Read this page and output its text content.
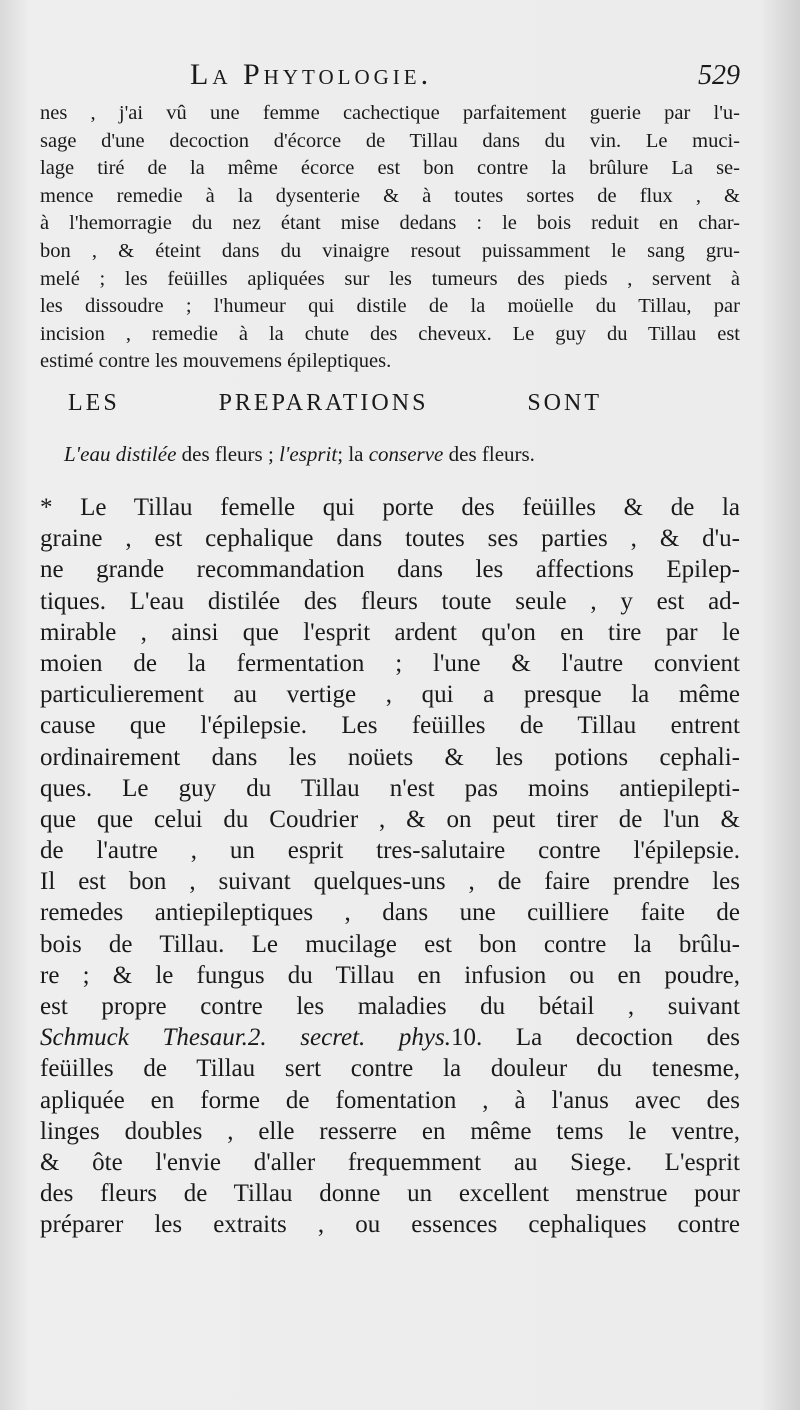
La Phytologie.	529
nes , j'ai vû une femme cachectique parfaitement guerie par l'u-
sage d'une decoction d'écorce de Tillau dans du vin. Le muci-
lage tiré de la même écorce est bon contre la brûlure La se-
mence remedie à la dysenterie & à toutes sortes de flux , &
à l'hemorragie du nez étant mise dedans : le bois reduit en char-
bon , & éteint dans du vinaigre resout puissamment le sang gru-
melé ; les feüilles apliquées sur les tumeurs des pieds , servent à
les dissoudre ; l'humeur qui distile de la moüelle du Tillau, par
incision , remedie à la chute des cheveux. Le guy du Tillau est
estimé contre les mouvemens épileptiques.
LES PREPARATIONS SONT
L'eau distilée des fleurs ; l'esprit; la conserve des fleurs.
* Le Tillau femelle qui porte des feüilles & de la
graine , est cephalique dans toutes ses parties , & d'u-
ne grande recommandation dans les affections Epilep-
tiques. L'eau distilée des fleurs toute seule , y est ad-
mirable , ainsi que l'esprit ardent qu'on en tire par le
moien de la fermentation ; l'une & l'autre convient
particulierement au vertige , qui a presque la même
cause que l'épilepsie. Les feüilles de Tillau entrent
ordinairement dans les noüets & les potions cephali-
ques. Le guy du Tillau n'est pas moins antiepilepti-
que que celui du Coudrier , & on peut tirer de l'un &
de l'autre , un esprit tres-salutaire contre l'épilepsie.
Il est bon , suivant quelques-uns , de faire prendre les
remedes antiepileptiques , dans une cuilliere faite de
bois de Tillau. Le mucilage est bon contre la brûlu-
re ; & le fungus du Tillau en infusion ou en poudre,
est propre contre les maladies du bétail , suivant
Schmuck Thesaur.2. secret. phys.10. La decoction des
feüilles de Tillau sert contre la douleur du tenesme,
apliquée en forme de fomentation , à l'anus avec des
linges doubles , elle resserre en même tems le ventre,
& ôte l'envie d'aller frequemment au Siege. L'esprit
des fleurs de Tillau donne un excellent menstrue pour
préparer les extraits , ou essences cephaliques contre
